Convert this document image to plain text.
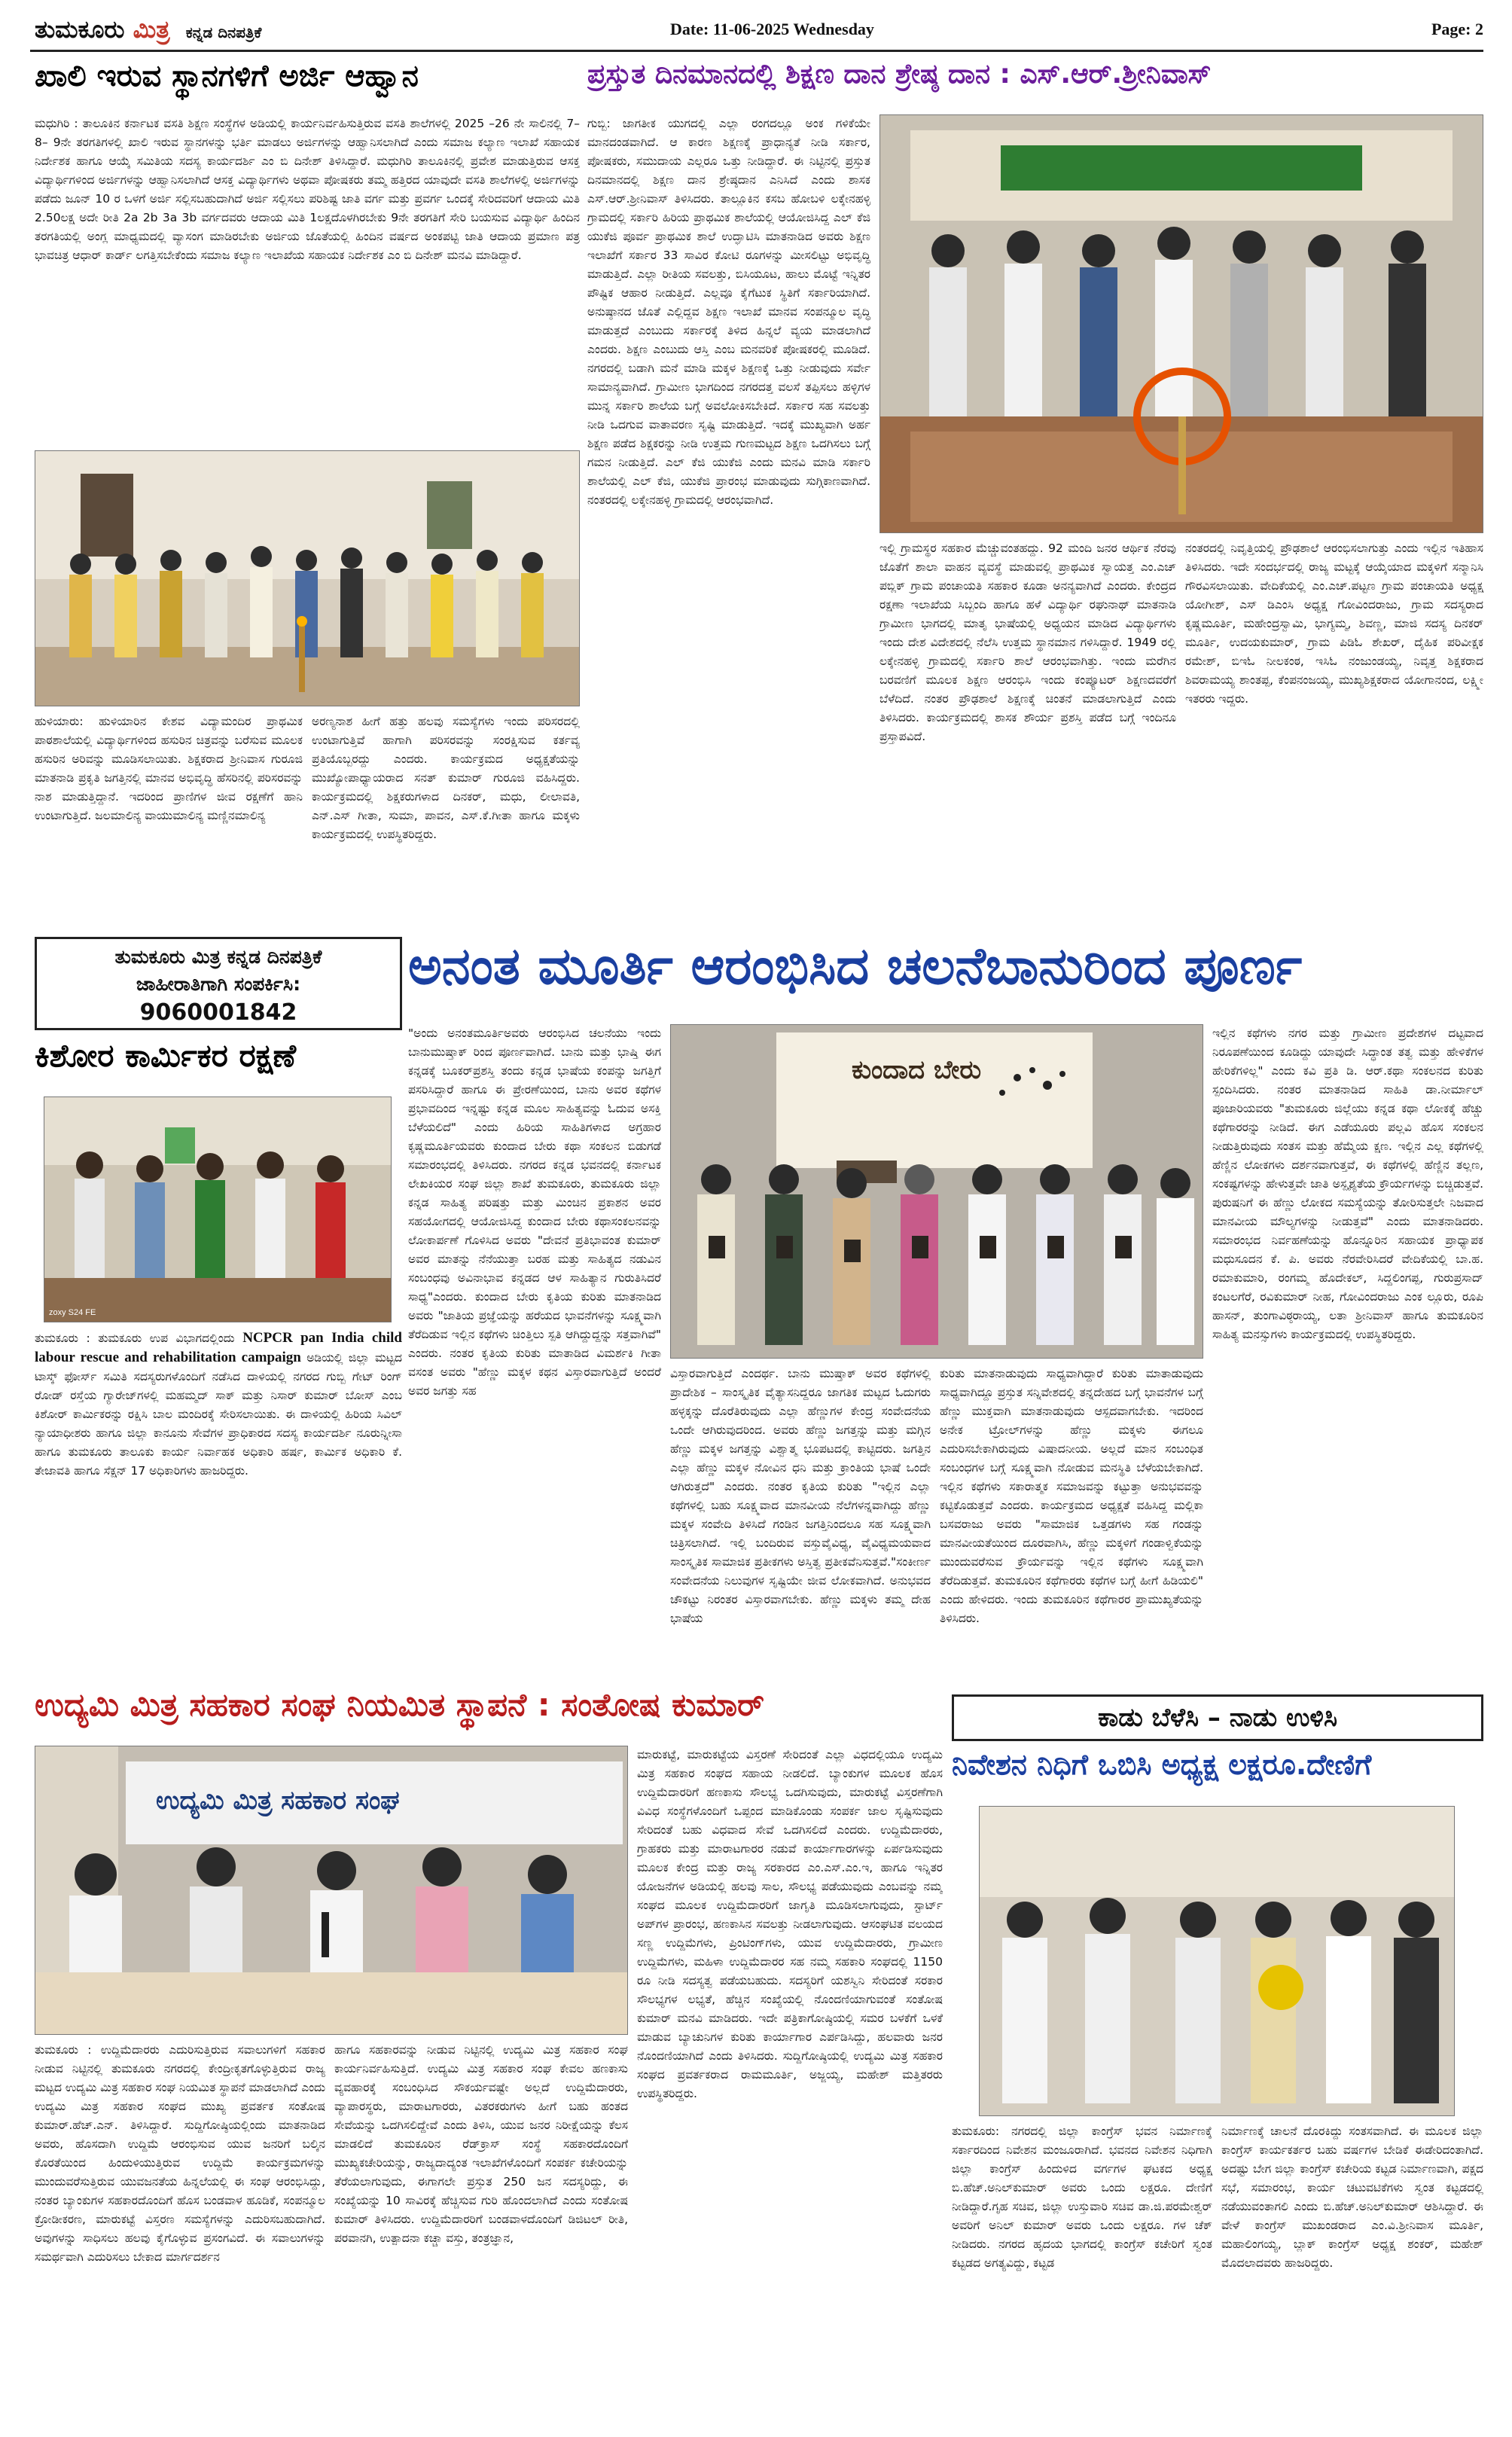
ತುಮಕೂರು ಮಿತ್ರ ಕನ್ನಡ ದಿನಪತ್ರಿಕೆ	Date: 11-06-2025 Wednesday	Page: 2
ಖಾಲಿ ಇರುವ ಸ್ಥಾನಗಳಿಗೆ ಅರ್ಜಿ ಆಹ್ವಾನ
ಮಧುಗಿರಿ : ತಾಲೂಕಿನ ಕರ್ನಾಟಕ ವಸತಿ ಶಿಕ್ಷಣ ಸಂಸ್ಥೆಗಳ ಅಡಿಯಲ್ಲಿ ಕಾರ್ಯನಿರ್ವಹಿಸುತ್ತಿರುವ ವಸತಿ ಶಾಲೆಗಳಲ್ಲಿ 2025 –26 ನೇ ಸಾಲಿನಲ್ಲಿ 7– 8– 9ನೇ ತರಗತಿಗಳಲ್ಲಿ ಖಾಲಿ ಇರುವ ಸ್ಥಾನಗಳನ್ನು ಭರ್ತಿ ಮಾಡಲು ಅರ್ಜಿಗಳನ್ನು ಆಹ್ವಾನಿಸಲಾಗಿದೆ ಎಂದು ಸಮಾಜ ಕಲ್ಯಾಣ ಇಲಾಖೆ ಸಹಾಯಕ ನಿರ್ದೇಶಕ ಹಾಗೂ ಆಯ್ಕೆ ಸಮಿತಿಯ ಸದಸ್ಯ ಕಾರ್ಯದರ್ಶಿ ಎಂ ಬಿ ದಿನೇಶ್ ತಿಳಿಸಿದ್ದಾರೆ. ಮಧುಗಿರಿ ತಾಲೂಕಿನಲ್ಲಿ ಪ್ರವೇಶ ಮಾಡುತ್ತಿರುವ ಆಸಕ್ತ ವಿದ್ಯಾರ್ಥಿಗಳಿಂದ ಅರ್ಜಿಗಳನ್ನು ಆಹ್ವಾನಿಸಲಾಗಿದೆ ಆಸಕ್ತ ವಿದ್ಯಾರ್ಥಿಗಳು ಅಥವಾ ಪೋಷಕರು ತಮ್ಮ ಹತ್ತಿರದ ಯಾವುದೇ ವಸತಿ ಶಾಲೆಗಳಲ್ಲಿ ಅರ್ಜಿಗಳನ್ನು ಪಡೆದು ಜೂನ್ 10 ರ ಒಳಗೆ ಅರ್ಜಿ ಸಲ್ಲಿಸಬಹುದಾಗಿದೆ ಅರ್ಜಿ ಸಲ್ಲಿಸಲು ಪರಿಶಿಷ್ಟ ಜಾತಿ ವರ್ಗ ಮತ್ತು ಪ್ರವರ್ಗ ಒಂದಕ್ಕೆ ಸೇರಿದವರಿಗೆ ಆದಾಯ ಮಿತಿ 2.50ಲಕ್ಷ ಅದೇ ರೀತಿ 2a 2b 3a 3b ವರ್ಗದವರು ಆದಾಯ ಮಿತಿ 1ಲಕ್ಷದೊಳಗಿರಬೇಕು 9ನೇ ತರಗತಿಗೆ ಸೇರಿ ಬಯಸುವ ವಿದ್ಯಾರ್ಥಿ ಹಿಂದಿನ ತರಗತಿಯಲ್ಲಿ ಅಂಗ್ಲ ಮಾಧ್ಯಮದಲ್ಲಿ ವ್ಯಾಸಂಗ ಮಾಡಿರಬೇಕು ಅರ್ಜಿಯ ಜೊತೆಯಲ್ಲಿ ಹಿಂದಿನ ವರ್ಷದ ಅಂಕಪಟ್ಟಿ ಜಾತಿ ಆದಾಯ ಪ್ರಮಾಣ ಪತ್ರ ಭಾವಚಿತ್ರ ಆಧಾರ್ ಕಾರ್ಡ್ ಲಗತ್ತಿಸಬೇಕೆಂದು ಸಮಾಜ ಕಲ್ಯಾಣ ಇಲಾಖೆಯ ಸಹಾಯಕ ನಿರ್ದೇಶಕ ಎಂ ಬಿ ದಿನೇಶ್ ಮನವಿ ಮಾಡಿದ್ದಾರೆ.
ಹುಳಿಯಾರು: ಹುಳಿಯಾರಿನ ಕೇಶವ ವಿದ್ಯಾಮಂದಿರ ಪ್ರಾಥಮಿಕ ಪಾಠಶಾಲೆಯಲ್ಲಿ ವಿದ್ಯಾರ್ಥಿಗಳಿಂದ ಹಸುರಿನ ಚಿತ್ರವನ್ನು ಬರೆಸುವ ಮೂಲಕ ಹಸುರಿನ ಅರಿವನ್ನು ಮೂಡಿಸಲಾಯಿತು. ಶಿಕ್ಷಕರಾದ ಶ್ರೀನಿವಾಸ ಗುರೂಜಿ ಮಾತನಾಡಿ ಪ್ರಕೃತಿ ಜಗತ್ತಿನಲ್ಲಿ ಮಾನವ ಅಭಿವೃದ್ಧಿ ಹೆಸರಿನಲ್ಲಿ ಪರಿಸರವನ್ನು ನಾಶ ಮಾಡುತ್ತಿದ್ದಾನೆ. ಇದರಿಂದ ಪ್ರಾಣಿಗಳ ಜೀವ ರಕ್ಷಣೆಗೆ ಹಾನಿ ಉಂಟಾಗುತ್ತಿದೆ. ಜಲಮಾಲಿನ್ಯ ವಾಯುಮಾಲಿನ್ಯ ಮಣ್ಣಿನಮಾಲಿನ್ಯ
ಅರಣ್ಯನಾಶ ಹೀಗೆ ಹತ್ತು ಹಲವು ಸಮಸ್ಯೆಗಳು ಇಂದು ಪರಿಸರದಲ್ಲಿ ಉಂಟಾಗುತ್ತಿವೆ ಹಾಗಾಗಿ ಪರಿಸರವನ್ನು ಸಂರಕ್ಷಿಸುವ ಕರ್ತವ್ಯ ಪ್ರತಿಯೊಬ್ಬರದ್ದು ಎಂದರು. ಕಾರ್ಯಕ್ರಮದ ಅಧ್ಯಕ್ಷತೆಯನ್ನು ಮುಖ್ಯೋಪಾಧ್ಯಾಯರಾದ ಸನತ್ ಕುಮಾರ್ ಗುರೂಜಿ ವಹಿಸಿದ್ದರು. ಕಾರ್ಯಕ್ರಮದಲ್ಲಿ ಶಿಕ್ಷಕರುಗಳಾದ ದಿನಕರ್, ಮಧು, ಲೀಲಾವತಿ, ಎನ್.ಎಸ್ ಗೀತಾ, ಸುಮಾ, ಪಾವನ, ಎಸ್.ಕೆ.ಗೀತಾ ಹಾಗೂ ಮಕ್ಕಳು ಕಾರ್ಯಕ್ರಮದಲ್ಲಿ ಉಪಸ್ಥಿತರಿದ್ದರು.
ಪ್ರಸ್ತುತ ದಿನಮಾನದಲ್ಲಿ ಶಿಕ್ಷಣ ದಾನ ಶ್ರೇಷ್ಠ ದಾನ : ಎಸ್.ಆರ್.ಶ್ರೀನಿವಾಸ್
ಗುಬ್ಬಿ: ಜಾಗತೀಕ ಯುಗದಲ್ಲಿ ಎಲ್ಲಾ ರಂಗದಲ್ಲೂ ಅಂಕ ಗಳಿಕೆಯೇ ಮಾನದಂಡವಾಗಿದೆ. ಆ ಕಾರಣ ಶಿಕ್ಷಣಕ್ಕೆ ಪ್ರಾಧಾನ್ಯತೆ ನೀಡಿ ಸರ್ಕಾರ, ಪೋಷಕರು, ಸಮುದಾಯ ಎಲ್ಲರೂ ಒತ್ತು ನೀಡಿದ್ದಾರೆ. ಈ ನಿಟ್ಟಿನಲ್ಲಿ ಪ್ರಸ್ತುತ ದಿನಮಾನದಲ್ಲಿ ಶಿಕ್ಷಣ ದಾನ ಶ್ರೇಷ್ಠದಾನ ಎನಿಸಿದೆ ಎಂದು ಶಾಸಕ ಎಸ್.ಆರ್.ಶ್ರೀನಿವಾಸ್ ತಿಳಿಸಿದರು. ತಾಲ್ಲೂಕಿನ ಕಸಬ ಹೋಬಳಿ ಲಕ್ಕೇನಹಳ್ಳಿ ಗ್ರಾಮದಲ್ಲಿ ಸರ್ಕಾರಿ ಹಿರಿಯ ಪ್ರಾಥಮಿಕ ಶಾಲೆಯಲ್ಲಿ ಆಯೋಜಿಸಿದ್ದ ಎಲ್ ಕೆಜಿ ಯುಕೆಜಿ ಪೂರ್ವ ಪ್ರಾಥಮಿಕ ಶಾಲೆ ಉದ್ಘಾಟಿಸಿ ಮಾತನಾಡಿದ ಅವರು ಶಿಕ್ಷಣ ಇಲಾಖೆಗೆ ಸರ್ಕಾರ 33 ಸಾವಿರ ಕೋಟಿ ರೂಗಳನ್ನು ಮೀಸಲಿಟ್ಟು ಅಭಿವೃದ್ಧಿ ಮಾಡುತ್ತಿದೆ. ಎಲ್ಲಾ ರೀತಿಯ ಸವಲತ್ತು, ಬಿಸಿಯೂಟ, ಹಾಲು ಮೊಟ್ಟೆ ಇನ್ನಿತರ ಪೌಷ್ಟಿಕ ಆಹಾರ ನೀಡುತ್ತಿದೆ. ಎಲ್ಲವೂ ಕೈಗೆಟುಕ ಸ್ಥಿತಿಗೆ ಸರ್ಕಾರಿಯಾಗಿದೆ. ಅನುಷ್ಠಾನದ ಜೊತೆ ಎಲ್ಲಿದ್ದವ ಶಿಕ್ಷಣ ಇಲಾಖೆ ಮಾನವ ಸಂಪನ್ಮೂಲ ವೃದ್ಧಿ ಮಾಡುತ್ತದೆ ಎಂಬುದು ಸರ್ಕಾರಕ್ಕೆ ತಿಳಿದ ಹಿನ್ನಲೆ ವ್ಯಯ ಮಾಡಲಾಗಿದೆ ಎಂದರು. ಶಿಕ್ಷಣ ಎಂಬುದು ಆಸ್ತಿ ಎಂಬ ಮನವರಿಕೆ ಪೋಷಕರಲ್ಲಿ ಮೂಡಿದೆ. ನಗರದಲ್ಲಿ ಬಡಾಗಿ ಮನೆ ಮಾಡಿ ಮಕ್ಕಳ ಶಿಕ್ಷಣಕ್ಕೆ ಒತ್ತು ನೀಡುವುದು ಸರ್ವೇ ಸಾಮಾನ್ಯವಾಗಿದೆ. ಗ್ರಾಮೀಣ ಭಾಗದಿಂದ ನಗರದತ್ತ ವಲಸೆ ತಪ್ಪಿಸಲು ಹಳ್ಳಿಗಳ ಮುನ್ನ ಸರ್ಕಾರಿ ಶಾಲೆಯ ಬಗ್ಗೆ ಅವಲೋಕಿಸಬೇಕಿದೆ. ಸರ್ಕಾರ ಸಹ ಸವಲತ್ತು ನೀಡಿ ಒದಗುವ ವಾತಾವರಣ ಸೃಷ್ಟಿ ಮಾಡುತ್ತಿದೆ. ಇದಕ್ಕೆ ಮುಖ್ಯವಾಗಿ ಅರ್ಹ ಶಿಕ್ಷಣ ಪಡೆದ ಶಿಕ್ಷಕರನ್ನು ನೀಡಿ ಉತ್ತಮ ಗುಣಮಟ್ಟದ ಶಿಕ್ಷಣ ಒದಗಿಸಲು ಬಗ್ಗೆ ಗಮನ ನೀಡುತ್ತಿದೆ. ಎಲ್ ಕೆಜಿ ಯುಕೆಜಿ ಎಂದು ಮನವಿ ಮಾಡಿ ಸರ್ಕಾರಿ ಶಾಲೆಯಲ್ಲಿ ಎಲ್ ಕೆಜಿ, ಯುಕೆಜಿ ಪ್ರಾರಂಭ ಮಾಡುವುದು ಸುಗ್ಗಿಕಾಣವಾಗಿದೆ. ನಂತರದಲ್ಲಿ ಲಕ್ಕೇನಹಳ್ಳಿ ಗ್ರಾಮದಲ್ಲಿ ಆರಂಭವಾಗಿದೆ.
ಇಲ್ಲಿ ಗ್ರಾಮಸ್ಥರ ಸಹಕಾರ ಮೆಚ್ಚುವಂತಹದ್ದು. 92 ಮಂದಿ ಜನರ ಆರ್ಥಿಕ ನೆರವು ಜೊತೆಗೆ ಶಾಲಾ ವಾಹನ ವ್ಯವಸ್ಥೆ ಮಾಡುವಲ್ಲಿ ಪ್ರಾಥಮಿಕ ಸ್ವಾಯತ್ತ ಎಂ.ಎಚ್ ಪಬ್ಲಿಕ್ ಗ್ರಾಮ ಪಂಚಾಯತಿ ಸಹಕಾರ ಕೂಡಾ ಅನನ್ಯವಾಗಿದೆ ಎಂದರು. ಕೇಂದ್ರದ ರಕ್ಷಣಾ ಇಲಾಖೆಯ ಸಿಬ್ಬಂದಿ ಹಾಗೂ ಹಳೆ ವಿದ್ಯಾರ್ಥಿ ರಘುನಾಥ್ ಮಾತನಾಡಿ ಗ್ರಾಮೀಣ ಭಾಗದಲ್ಲಿ ಮಾತೃ ಭಾಷೆಯಲ್ಲಿ ಅಧ್ಯಯನ ಮಾಡಿದ ವಿದ್ಯಾರ್ಥಿಗಳು ಇಂದು ದೇಶ ವಿದೇಶದಲ್ಲಿ ನೆಲೆಸಿ ಉತ್ತಮ ಸ್ಥಾನಮಾನ ಗಳಿಸಿದ್ದಾರೆ. 1949 ರಲ್ಲಿ ಲಕ್ಕೇನಹಳ್ಳಿ ಗ್ರಾಮದಲ್ಲಿ ಸರ್ಕಾರಿ ಶಾಲೆ ಆರಂಭವಾಗಿತ್ತು. ಇಂದು ಮರೆಗಿನ ಬರವಣಿಗೆ ಮೂಲಕ ಶಿಕ್ಷಣ ಆರಂಭಿಸಿ ಇಂದು ಕಂಪ್ಯೂಟರ್ ಶಿಕ್ಷಣದವರೆಗೆ ಬೆಳೆದಿದೆ. ನಂತರ ಪ್ರೌಢಶಾಲೆ ಶಿಕ್ಷಣಕ್ಕೆ ಚಿಂತನೆ ಮಾಡಲಾಗುತ್ತಿದೆ ಎಂದು ತಿಳಿಸಿದರು. ಕಾರ್ಯಕ್ರಮದಲ್ಲಿ ಶಾಸಕ ಶೌರ್ಯ ಪ್ರಶಸ್ತಿ ಪಡೆದ ಬಗ್ಗೆ ಇಂದಿನೂ ಪ್ರಸ್ತಾಪವಿದೆ.
ನಂತರದಲ್ಲಿ ನಿವೃತ್ತಿಯಲ್ಲಿ ಪ್ರೌಢಶಾಲೆ ಆರಂಭಿಸಲಾಗುತ್ತು ಎಂದು ಇಲ್ಲಿನ ಇತಿಹಾಸ ತಿಳಿಸಿದರು. ಇದೇ ಸಂದರ್ಭದಲ್ಲಿ ರಾಜ್ಯ ಮಟ್ಟಕ್ಕೆ ಆಯ್ಕೆಯಾದ ಮಕ್ಕಳಿಗೆ ಸನ್ಮಾನಿಸಿ ಗೌರವಿಸಲಾಯಿತು. ವೇದಿಕೆಯಲ್ಲಿ ಎಂ.ಎಚ್.ಪಟ್ಟಣ ಗ್ರಾಮ ಪಂಚಾಯತಿ ಅಧ್ಯಕ್ಷ ಯೋಗೀಶ್, ಎಸ್ ಡಿಎಂಸಿ ಅಧ್ಯಕ್ಷ ಗೋವಿಂದರಾಜು, ಗ್ರಾಮ ಸದಸ್ಯರಾದ ಕೃಷ್ಣಮೂರ್ತಿ, ಮಹೇಂದ್ರಸ್ವಾಮಿ, ಭಾಗ್ಯಮ್ಮ, ಶಿವಣ್ಣ, ಮಾಜಿ ಸದಸ್ಯ ದಿನಕರ್ ಮೂರ್ತಿ, ಉದಯಕುಮಾರ್, ಗ್ರಾಮ ಪಿಡಿಓ ಶೇಖರ್, ದೈಹಿಕ ಪರಿವೀಕ್ಷಕ ರಮೇಶ್, ಬಿಇಓ ನೀಲಕಂಠ, ಇಸಿಓ ನಂಜುಂಡಯ್ಯ, ನಿವೃತ್ತ ಶಿಕ್ಷಕರಾದ ಶಿವರಾಮಯ್ಯ ಶಾಂತಪ್ಪ, ಕೆಂಪನಂಜಯ್ಯ, ಮುಖ್ಯಶಿಕ್ಷಕರಾದ ಯೋಗಾನಂದ, ಲಕ್ಷ್ಮೀ ಇತರರು ಇದ್ದರು.
ತುಮಕೂರು ಮಿತ್ರ ಕನ್ನಡ ದಿನಪತ್ರಿಕೆ
ಜಾಹೀರಾತಿಗಾಗಿ ಸಂಪರ್ಕಿಸಿ:
9060001842
ಕಿಶೋರ ಕಾರ್ಮಿಕರ ರಕ್ಷಣೆ
zoxy S24 FE
ತುಮಕೂರು : ತುಮಕೂರು ಉಪ ವಿಭಾಗದಲ್ಲಿಂದು NCPCR pan India child labour rescue and rehabilitation campaign ಅಡಿಯಲ್ಲಿ ಜಿಲ್ಲಾ ಮಟ್ಟದ ಟಾಸ್ಕ್ ಫೋರ್ಸ್ ಸಮಿತಿ ಸದಸ್ಯರುಗಳೊಂದಿಗೆ ನಡೆಸಿದ ದಾಳಿಯಲ್ಲಿ ನಗರದ ಗುಬ್ಬಿ ಗೇಟ್ ರಿಂಗ್ ರೋಡ್ ರಸ್ತೆಯ ಗ್ಯಾರೇಜ್‌ಗಳಲ್ಲಿ ಮಹಮ್ಮದ್ ಸಾಕ್ ಮತ್ತು ನಿಸಾರ್ ಕುಮಾರ್ ಬೋಸ್ ಎಂಬ ಕಿಶೋರ್ ಕಾರ್ಮಿಕರನ್ನು ರಕ್ಷಿಸಿ ಬಾಲ ಮಂದಿರಕ್ಕೆ ಸೇರಿಸಲಾಯಿತು. ಈ ದಾಳಿಯಲ್ಲಿ ಹಿರಿಯ ಸಿವಿಲ್ ನ್ಯಾಯಾಧೀಶರು ಹಾಗೂ ಜಿಲ್ಲಾ ಕಾನೂನು ಸೇವೆಗಳ ಪ್ರಾಧಿಕಾರದ ಸದಸ್ಯ ಕಾರ್ಯದರ್ಶಿ ನೂರುನ್ನೀಸಾ ಹಾಗೂ ತುಮಕೂರು ತಾಲೂಕು ಕಾರ್ಯ ನಿರ್ವಾಹಕ ಅಧಿಕಾರಿ ಹರ್ಷ, ಕಾರ್ಮಿಕ ಅಧಿಕಾರಿ ಕೆ. ತೇಜಾವತಿ ಹಾಗೂ ಸೆಕ್ಷನ್ 17 ಅಧಿಕಾರಿಗಳು ಹಾಜರಿದ್ದರು.
ಅನಂತ ಮೂರ್ತಿ ಆರಂಭಿಸಿದ ಚಲನೆಬಾನುರಿಂದ ಪೂರ್ಣ
"ಅಂದು ಅನಂತಮೂರ್ತಿಅವರು ಆರಂಭಿಸಿದ ಚಲನೆಯು ಇಂದು ಬಾನುಮುಷ್ತಾಕ್ ರಿಂದ ಪೂರ್ಣವಾಗಿದೆ. ಬಾನು ಮತ್ತು ಭಾಷ್ತಿ ಈಗ ಕನ್ನಡಕ್ಕೆ ಬೂಕರ್‌ಪ್ರಶಸ್ತಿ ತಂದು ಕನ್ನಡ ಭಾಷೆಯ ಕಂಪನ್ನು ಜಗತ್ತಿಗೆ ಪಸರಿಸಿದ್ದಾರೆ ಹಾಗೂ ಈ ಪ್ರೇರಣೆಯಿಂದ, ಬಾನು ಅವರ ಕಥೆಗಳ ಪ್ರಭಾವದಿಂದ ಇನ್ನಷ್ಟು ಕನ್ನಡ ಮೂಲ ಸಾಹಿತ್ಯವನ್ನು ಓದುವ ಅಸಕ್ತಿ ಬೆಳೆಯಲಿದೆ" ಎಂದು ಹಿರಿಯ ಸಾಹಿತಿಗಳಾದ ಅಗ್ರಹಾರ ಕೃಷ್ಣಮೂರ್ತಿಯವರು ಕುಂದಾದ ಬೇರು ಕಥಾ ಸಂಕಲನ ಬಿಡುಗಡೆ ಸಮಾರಂಭದಲ್ಲಿ ತಿಳಿಸಿದರು. ನಗರದ ಕನ್ನಡ ಭವನದಲ್ಲಿ ಕರ್ನಾಟಕ ಲೇಖಕಿಯರ ಸಂಘ ಜಿಲ್ಲಾ ಶಾಖೆ ತುಮಕೂರು, ತುಮಕೂರು ಜಿಲ್ಲಾ ಕನ್ನಡ ಸಾಹಿತ್ಯ ಪರಿಷತ್ತು ಮತ್ತು ಮಿಂಚಿನ ಪ್ರಕಾಶನ ಅವರ ಸಹಯೋಗದಲ್ಲಿ ಆಯೋಜಿಸಿದ್ದ ಕುಂದಾದ ಬೇರು ಕಥಾಸಂಕಲನವನ್ನು ಲೋಕಾರ್ಪಣೆ ಗೊಳಿಸಿದ ಅವರು "ದೇವನೆ ಪ್ರತಿಭಾವಂತ ಕುಮಾರ್ ಅವರ ಮಾತನ್ನು ನೆನೆಯುತ್ತಾ ಬರಹ ಮತ್ತು ಸಾಹಿತ್ಯದ ನಡುವಿನ ಸಂಬಂಧವು ಅವಿನಾಭಾವ ಕನ್ನಡದ ಆಳ ಸಾಹಿತ್ಯಾನ ಗುರುತಿಸಿದರೆ ಸಾಧ್ಯ"ಎಂದರು. ಕುಂದಾದ ಬೇರು ಕೃತಿಯ ಕುರಿತು ಮಾತನಾಡಿದ ಅವರು "ಜಾತಿಯ ಪ್ರಜ್ಞೆಯನ್ನು ಹರೆಯದ ಭಾವನೆಗಳನ್ನು ಸೂಕ್ಷ್ಮವಾಗಿ ತೆರೆದಿಡುವ ಇಲ್ಲಿನ ಕಥೆಗಳು ಚಿಂತ್ತಿಲು ಸ್ಪತಿ ಆಗಿದ್ದುದ್ದನ್ನು ಸತ್ತವಾಗಿವೆ" ಎಂದರು. ನಂತರ ಕೃತಿಯ ಕುರಿತು ಮಾತಾಡಿದ ವಿಮರ್ಶಕಿ ಗೀತಾ ವಸಂತ ಅವರು "ಹೆಣ್ಣು ಮಕ್ಕಳ ಕಥನ ವಿಸ್ತಾರವಾಗುತ್ತಿದೆ ಅಂದರೆ ಅವರ ಜಗತ್ತು ಸಹ
ಕುಂದಾದ ಬೇರು
ವಿಸ್ತಾರವಾಗುತ್ತಿದೆ ಎಂದರ್ಥ. ಬಾನು ಮುಷ್ತಾಕ್ ಅವರ ಕಥೆಗಳಲ್ಲಿ ಪ್ರಾದೇಶಿಕ – ಸಾಂಸ್ಕೃತಿಕ ವೈತ್ಯಾಸನಿದ್ದರೂ ಜಾಗತಿಕ ಮಟ್ಟದ ಓದುಗರು ಹಳ್ಳಕ್ಕನ್ನು ದೊರೆತಿರುವುದು ಎಲ್ಲಾ ಹೆಣ್ಣುಗಳ ಕೇಂದ್ರ ಸಂವೇದನೆಯ ಒಂದೇ ಆಗಿರುವುದರಿಂದ. ಅವರು ಹೆಣ್ಣು ಜಗತ್ತನ್ನು ಮತ್ತು ಮಗ್ಗಿನ ಹೆಣ್ಣು ಮಕ್ಕಳ ಜಗತ್ತನ್ನು ವಿಶ್ವಾತ್ಮ ಭೂಪಟದಲ್ಲಿ ಕಾಟ್ಟಿದರು. ಜಗತ್ತಿನ ಎಲ್ಲಾ ಹೆಣ್ಣು ಮಕ್ಕಳ ನೋವಿನ ಧನಿ ಮತ್ತು ಕ್ರಾಂತಿಯ ಭಾಷೆ ಒಂದೇ ಆಗಿರುತ್ತದೆ" ಎಂದರು. ನಂತರ ಕೃತಿಯ ಕುರಿತು "ಇಲ್ಲಿನ ಎಲ್ಲಾ ಕಥೆಗಳಲ್ಲಿ ಬಹು ಸೂಕ್ಷ್ಮವಾದ ಮಾನವೀಯ ನೆಲೆಗಳನ್ನವಾಗಿದ್ದು ಹೆಣ್ಣು ಮಕ್ಕಳ ಸಂವೇದಿ ತಿಳಿಸಿದೆ ಗಂಡಿನ ಜಗತ್ತಿನಿಂದಲೂ ಸಹ ಸೂಕ್ಷ್ಮವಾಗಿ ಚಿತ್ರಿಸಲಾಗಿದೆ. ಇಲ್ಲಿ ಬಂದಿರುವ ವಸ್ತುವೈವಿಧ್ಯ, ವೈವಿಧ್ಯಮಯವಾದ ಸಾಂಸ್ಕೃತಿಕ ಸಾಮಾಜಿಕ ಪ್ರತೀಕಗಳು ಅಸ್ತಿತ್ವ ಪ್ರತೀಕವೆನಿಸುತ್ತವೆ."ಸಂಕೀರ್ಣ ಸಂವೇದನೆಯ ನಿಲುವುಗಳ ಸೃಷ್ಟಿಯೇ ಜೀವ ಲೋಕವಾಗಿದೆ. ಅನುಭವದ ಚೌಕಟ್ಟು ನಿರಂತರ ವಿಸ್ತಾರವಾಗಬೇಕು. ಹೆಣ್ಣು ಮಕ್ಕಳು ತಮ್ಮ ದೇಹ ಭಾಷೆಯ
ಕುರಿತು ಮಾತನಾಡುವುದು ಸಾಧ್ಯವಾಗಿದ್ದಾರೆ ಕುರಿತು ಮಾತಾಡುವುದು ಸಾಧ್ಯವಾಗಿದ್ದೂ ಪ್ರಸ್ತುತ ಸನ್ನಿವೇಶದಲ್ಲಿ ತನ್ನದೇಹದ ಬಗ್ಗೆ ಭಾವನೆಗಳ ಬಗ್ಗೆ ಹೆಣ್ಣು ಮುಕ್ತವಾಗಿ ಮಾತನಾಡುವುದು ಆಸ್ಪದವಾಗಬೇಕು. ಇದರಿಂದ ಅನೇಕ ಟ್ರೋಲ್‌ಗಳನ್ನು ಹೆಣ್ಣು ಮಕ್ಕಳು ಈಗಲೂ ಎದುರಿಸಬೇಕಾಗಿರುವುದು ವಿಷಾದನೀಯ. ಅಲ್ಲದೆ ಮಾನ ಸಂಬಂಧಿತ ಸಂಬಂಧಗಳ ಬಗ್ಗೆ ಸೂಕ್ಷ್ಮವಾಗಿ ನೋಡುವ ಮನಸ್ಥಿತಿ ಬೆಳೆಯಬೇಕಾಗಿದೆ. ಇಲ್ಲಿನ ಕಥೆಗಳು ಸಕಾರಾತ್ಮಕ ಸಮಾಜವನ್ನು ಕಟ್ಟುತ್ತಾ ಅನುಭವವನ್ನು ಕಟ್ಟಿಕೊಡುತ್ತವೆ ಎಂದರು. ಕಾರ್ಯಕ್ರಮದ ಅಧ್ಯಕ್ಷತೆ ವಹಿಸಿದ್ದ ಮಲ್ಲಿಕಾ ಬಸವರಾಜು ಅವರು "ಸಾಮಾಜಿಕ ಒತ್ತಡಗಳು ಸಹ ಗಂಡನ್ನು ಮಾನವೀಯತೆಯಿಂದ ದೂರವಾಗಿಸಿ, ಹೆಣ್ಣು ಮಕ್ಕಳಿಗೆ ಗಂಡಾಳ್ವಿಕೆಯನ್ನು ಮುಂದುವರೆಸುವ ಕ್ರೌರ್ಯವನ್ನು ಇಲ್ಲಿನ ಕಥೆಗಳು ಸೂಕ್ಷ್ಮವಾಗಿ ತೆರೆದಿಡುತ್ತವೆ. ತುಮಕೂರಿನ ಕಥೆಗಾರರು ಕಥೆಗಳ ಬಗ್ಗೆ ಹೀಗೆ ಹಿಡಿಯಲಿ" ಎಂದು ಹೇಳಿದರು. ಇಂದು ತುಮಕೂರಿನ ಕಥೆಗಾರರ ಪ್ರಾಮುಖ್ಯತೆಯನ್ನು ತಿಳಿಸಿದರು.
ಇಲ್ಲಿನ ಕಥೆಗಳು ನಗರ ಮತ್ತು ಗ್ರಾಮೀಣ ಪ್ರದೇಶಗಳ ದಟ್ಟವಾದ ನಿರೂಪಣೆಯಿಂದ ಕೂಡಿದ್ದು ಯಾವುದೇ ಸಿದ್ಧಾಂತ ತತ್ವ ಮತ್ತು ಹೇಳಿಕೆಗಳ ಹೇರಿಕೆಗಳಿಲ್ಲ" ಎಂದು ಕವಿ ಪ್ರತಿ ಡಿ. ಆರ್.ಕಥಾ ಸಂಕಲನದ ಕುರಿತು ಸ್ಪಂದಿಸಿದರು. ನಂತರ ಮಾತನಾಡಿದ ಸಾಹಿತಿ ಡಾ.ನೀರ್ಮಾಲ್ ಪೂಜಾರಿಯವರು "ತುಮಕೂರು ಜಿಲ್ಲೆಯು ಕನ್ನಡ ಕಥಾ ಲೋಕಕ್ಕೆ ಹೆಚ್ಚು ಕಥೆಗಾರರನ್ನು ನೀಡಿದೆ. ಈಗ ಎಡೆಯೂರು ಪಲ್ಲವಿ ಹೊಸ ಸಂಕಲನ ನೀಡುತ್ತಿರುವುದು ಸಂತಸ ಮತ್ತು ಹೆಮ್ಮೆಯ ಕ್ಷಣ. ಇಲ್ಲಿನ ಎಲ್ಲ ಕಥೆಗಳಲ್ಲಿ ಹೆಣ್ಣಿನ ಲೋಕಗಳು ದರ್ಶನವಾಗುತ್ತವೆ, ಈ ಕಥೆಗಳಲ್ಲಿ ಹೆಣ್ಣಿನ ತಲ್ಲಣ, ಸಂಕಷ್ಟಗಳನ್ನು ಹೇಳುತ್ತವೇ ಜಾತಿ ಅಸ್ಪೃಶ್ಯತೆಯ ಕ್ರೌರ್ಯಗಳನ್ನು ಬಿಚ್ಚಿಡುತ್ತವೆ. ಪುರುಷನಿಗೆ ಈ ಹೆಣ್ಣು ಲೋಕದ ಸಮಸ್ಯೆಯನ್ನು ತೋರಿಸುತ್ತಲೇ ನಿಜವಾದ ಮಾನವೀಯ ಮೌಲ್ಯಗಳನ್ನು ನೀಡುತ್ತವೆ" ಎಂದು ಮಾತನಾಡಿದರು. ಸಮಾರಂಭದ ನಿರ್ವಹಣೆಯನ್ನು ಹೊನ್ನೂರಿನ ಸಹಾಯಕ ಪ್ರಾಧ್ಯಾಪಕ ಮಧುಸೂದನ ಕೆ. ಪಿ. ಅವರು ನೆರವೇರಿಸಿದರೆ ವೇದಿಕೆಯಲ್ಲಿ ಬಾ.ಹ. ರಮಾಕುಮಾರಿ, ರಂಗಮ್ಮ ಹೊದೇಕಲ್, ಸಿದ್ದಲಿಂಗಪ್ಪ, ಗುರುಪ್ರಸಾದ್ ಕಂಟಲಗೆರೆ, ರವಿಕುಮಾರ್ ನೀಹ, ಗೋವಿಂದರಾಜು ಎಂಕ ಲ್ಲೂರು, ರೂಪಿ ಹಾಸನ್, ತುಂಗಾವಿಠ್ಠರಾಯ್ಯ, ಲತಾ ಶ್ರೀನಿವಾಸ್ ಹಾಗೂ ತುಮಕೂರಿನ ಸಾಹಿತ್ಯ ಮನಸ್ಸುಗಳು ಕಾರ್ಯಕ್ರಮದಲ್ಲಿ ಉಪಸ್ಥಿತರಿದ್ದರು.
ಉದ್ಯಮಿ ಮಿತ್ರ ಸಹಕಾರ ಸಂಘ ನಿಯಮಿತ ಸ್ಥಾಪನೆ : ಸಂತೋಷ ಕುಮಾರ್
ಉದ್ಯಮಿ ಮಿತ್ರ ಸಹಕಾರ ಸಂಘ
ತುಮಕೂರು : ಉದ್ದಿಮೆದಾರರು ಎದುರಿಸುತ್ತಿರುವ ಸವಾಲುಗಳಿಗೆ ಸಹಕಾರ ನೀಡುವ ನಿಟ್ಟಿನಲ್ಲಿ ತುಮಕೂರು ನಗರದಲ್ಲಿ ಕೇಂದ್ರೀಕೃತಗೊಳ್ಳುತ್ತಿರುವ ರಾಜ್ಯ ಮಟ್ಟದ ಉದ್ಯಮಿ ಮಿತ್ರ ಸಹಕಾರ ಸಂಘ ನಿಯಮಿತ ಸ್ಥಾಪನೆ ಮಾಡಲಾಗಿದೆ ಎಂದು ಉದ್ಯಮಿ ಮಿತ್ರ ಸಹಕಾರ ಸಂಘದ ಮುಖ್ಯ ಪ್ರವರ್ತಕ ಸಂತೋಷ ಕುಮಾರ್.ಹೆಚ್.ಎನ್. ತಿಳಿಸಿದ್ದಾರೆ. ಸುದ್ದಿಗೋಷ್ಠಿಯಲ್ಲಿಂದು ಮಾತನಾಡಿದ ಅವರು, ಹೊಸದಾಗಿ ಉದ್ದಿಮೆ ಆರಂಭಿಸುವ ಯುವ ಜನರಿಗೆ ಬಲ್ಕಿನ ಕೊರತೆಯಿಂದ ಹಿಂದುಳಿಯುತ್ತಿರುವ ಉದ್ದಿಮೆ ಕಾರ್ಯಕ್ರಮಗಳನ್ನು ಮುಂದುವರೆಸುತ್ತಿರುವ ಯುವಜನತೆಯ ಹಿನ್ನಲೆಯಲ್ಲಿ ಈ ಸಂಘ ಆರಂಭಿಸಿದ್ದು, ನಂತರ ಬ್ಯಾಂಕುಗಳ ಸಹಕಾರದೊಂದಿಗೆ ಹೊಸ ಬಂಡವಾಳ ಹೂಡಿಕೆ, ಸಂಪನ್ಮೂಲ ಕ್ರೋಡೀಕರಣ, ಮಾರುಕಟ್ಟೆ ವಿಸ್ತರಣ ಸಮಸ್ಯೆಗಳನ್ನು ಎದುರಿಸಬಹುದಾಗಿದೆ. ಅವುಗಳನ್ನು ಸಾಧಿಸಲು ಹಲವು ಕೈಗೊಳ್ಳುವ ಪ್ರಸಂಗವಿದೆ. ಈ ಸವಾಲುಗಳನ್ನು ಸಮರ್ಥವಾಗಿ ಎದುರಿಸಲು ಬೇಕಾದ ಮಾರ್ಗದರ್ಶನ
ಹಾಗೂ ಸಹಕಾರವನ್ನು ನೀಡುವ ನಿಟ್ಟಿನಲ್ಲಿ ಉದ್ಯಮಿ ಮಿತ್ರ ಸಹಕಾರ ಸಂಘ ಕಾರ್ಯನಿರ್ವಹಿಸುತ್ತಿದೆ. ಉದ್ಯಮಿ ಮಿತ್ರ ಸಹಕಾರ ಸಂಘ ಕೇವಲ ಹಣಕಾಸು ವ್ಯವಹಾರಕ್ಕೆ ಸಂಬಂಧಿಸಿದ ಸೌಕರ್ಯವಷ್ಟೇ ಅಲ್ಲದೆ ಉದ್ದಿಮೆದಾರರು, ವ್ಯಾಪಾರಸ್ಥರು, ಮಾರಾಟಗಾರರು, ವಿತರಕರುಗಳು ಹೀಗೆ ಬಹು ಹಂತದ ಸೇವೆಯನ್ನು ಒದಗಿಸಲಿದ್ದೇವೆ ಎಂದು ತಿಳಿಸಿ, ಯುವ ಜನರ ನಿರೀಕ್ಷೆಯನ್ನು ಕೆಲಸ ಮಾಡಲಿದೆ ತುಮಕೂರಿನ ರೆಡ್‌ಕ್ರಾಸ್ ಸಂಸ್ಥೆ ಸಹಕಾರದೊಂದಿಗೆ ಮುಖ್ಯಕಚೇರಿಯನ್ನು, ರಾಜ್ಯದಾದ್ಯಂತ ಇಲಾಖೆಗಳೊಂದಿಗೆ ಸಂಪರ್ಕ ಕಚೇರಿಯನ್ನು ತೆರೆಯಲಾಗುವುದು, ಈಗಾಗಲೇ ಪ್ರಸ್ತುತ 250 ಜನ ಸದಸ್ಯರಿದ್ದು, ಈ ಸಂಖ್ಯೆಯನ್ನು 10 ಸಾವಿರಕ್ಕೆ ಹೆಚ್ಚಿಸುವ ಗುರಿ ಹೊಂದಲಾಗಿದೆ ಎಂದು ಸಂತೋಷ ಕುಮಾರ್ ತಿಳಿಸಿದರು. ಉದ್ದಿಮೆದಾರರಿಗೆ ಬಂಡವಾಳದೊಂದಿಗೆ ಡಿಜಿಟಲ್ ರೀತಿ, ಪರವಾನಗಿ, ಉತ್ಪಾದನಾ ಕಚ್ಚಾ ವಸ್ತು, ತಂತ್ರಜ್ಞಾನ,
ಮಾರುಕಟ್ಟೆ, ಮಾರುಕಟ್ಟೆಯ ವಿಸ್ತರಣೆ ಸೇರಿದಂತೆ ಎಲ್ಲಾ ವಿಧದಲ್ಲಿಯೂ ಉದ್ಯಮಿ ಮಿತ್ರ ಸಹಕಾರ ಸಂಘದ ಸಹಾಯ ನೀಡಲಿದೆ. ಬ್ಯಾಂಕುಗಳ ಮೂಲಕ ಹೊಸ ಉದ್ದಿಮೆದಾರರಿಗೆ ಹಣಕಾಸು ಸೌಲಭ್ಯ ಒದಗಿಸುವುದು, ಮಾರುಕಟ್ಟೆ ವಿಸ್ತರಣೆಗಾಗಿ ವಿವಿಧ ಸಂಸ್ಥೆಗಳೊಂದಿಗೆ ಒಪ್ಪಂದ ಮಾಡಿಕೊಂಡು ಸಂಪರ್ಕ ಜಾಲ ಸೃಷ್ಟಿಸುವುದು ಸೇರಿದಂತೆ ಬಹು ವಿಧವಾದ ಸೇವೆ ಒದಗಿಸಲಿದೆ ಎಂದರು. ಉದ್ದಿಮೆದಾರರು, ಗ್ರಾಹಕರು ಮತ್ತು ಮಾರಾಟಗಾರರ ನಡುವೆ ಕಾರ್ಯಾಗಾರಗಳನ್ನು ಏರ್ಪಡಿಸುವುದು ಮೂಲಕ ಕೇಂದ್ರ ಮತ್ತು ರಾಜ್ಯ ಸರಕಾರದ ಎಂ.ಎಸ್.ಎಂ.ಇ, ಹಾಗೂ ಇನ್ನಿತರ ಯೋಜನೆಗಳ ಅಡಿಯಲ್ಲಿ ಹಲವು ಸಾಲ, ಸೌಲಭ್ಯ ಪಡೆಯುವುದು ಎಂಬವನ್ನು ನಮ್ಮ ಸಂಘದ ಮೂಲಕ ಉದ್ದಿಮೆದಾರರಿಗೆ ಜಾಗೃತಿ ಮೂಡಿಸಲಾಗುವುದು, ಸ್ಟಾರ್ಟ್ ಅಪ್‌ಗಳ ಪ್ರಾರಂಭ, ಹಣಕಾಸಿನ ಸವಲತ್ತು ನೀಡಲಾಗುವುದು. ಆಸಂಘಟಿತ ವಲಯದ ಸಣ್ಣ ಉದ್ದಿಮೆಗಳು, ಪ್ರಿಂಟಿಂಗ್‌ಗಳು, ಯುವ ಉದ್ದಿಮೆದಾರರು, ಗ್ರಾಮೀಣ ಉದ್ದಿಮೆಗಳು, ಮಹಿಳಾ ಉದ್ದಿಮೆದಾರರ ಸಹ ನಮ್ಮ ಸಹಕಾರಿ ಸಂಘದಲ್ಲಿ 1150 ರೂ ನೀಡಿ ಸದಸ್ಯತ್ವ ಪಡೆಯಬಹುದು. ಸದಸ್ಯರಿಗೆ ಯಶಸ್ವಿನಿ ಸೇರಿದಂತೆ ಸರಕಾರ ಸೌಲಭ್ಯಗಳ ಲಭ್ಯತೆ, ಹೆಚ್ಚಿನ ಸಂಖ್ಯೆಯಲ್ಲಿ ನೊಂದಣಿಯಾಗುವಂತೆ ಸಂತೋಷ ಕುಮಾರ್ ಮನವಿ ಮಾಡಿದರು. ಇದೇ ಪತ್ರಿಕಾಗೋಷ್ಠಿಯಲ್ಲಿ ಸಮರ ಬಳಕೆಗೆ ಒಳಕೆ ಮಾಡುವ ಬ್ಯಾಚುನಿಗಳ ಕುರಿತು ಕಾರ್ಯಾಗಾರ ಎರ್ಪಡಿಸಿದ್ದು, ಹಲವಾರು ಜನರ ನೊಂದಣಿಯಾಗಿದೆ ಎಂದು ತಿಳಿಸಿದರು. ಸುದ್ದಿಗೋಷ್ಠಿಯಲ್ಲಿ ಉದ್ಯಮಿ ಮಿತ್ರ ಸಹಕಾರ ಸಂಘದ ಪ್ರವರ್ತಕರಾದ ರಾಮಮೂರ್ತಿ, ಅಜ್ಜಯ್ಯ, ಮಹೇಶ್ ಮತ್ತಿತರರು ಉಪಸ್ಥಿತರಿದ್ದರು.
ಕಾಡು ಬೆಳೆಸಿ – ನಾಡು ಉಳಿಸಿ
ನಿವೇಶನ ನಿಧಿಗೆ ಒಬಿಸಿ ಅಧ್ಯಕ್ಷ ಲಕ್ಷರೂ.ದೇಣಿಗೆ
ತುಮಕೂರು: ನಗರದಲ್ಲಿ ಜಿಲ್ಲಾ ಕಾಂಗ್ರೆಸ್ ಭವನ ನಿರ್ಮಾಣಕ್ಕೆ ಸರ್ಕಾರದಿಂದ ನಿವೇಶನ ಮಂಜೂರಾಗಿದೆ. ಭವನದ ನಿವೇಶನ ನಿಧಿಗಾಗಿ ಜಿಲ್ಲಾ ಕಾಂಗ್ರೆಸ್ ಹಿಂದುಳಿದ ವರ್ಗಗಳ ಘಟಕದ ಅಧ್ಯಕ್ಷ ಬಿ.ಹೆಚ್.ಅನಿಲ್‌ಕುಮಾರ್ ಅವರು ಒಂದು ಲಕ್ಷರೂ. ದೇಣಿಗೆ ನೀಡಿದ್ದಾರೆ.ಗೃಹ ಸಚಿವ, ಜಿಲ್ಲಾ ಉಸ್ತುವಾರಿ ಸಚಿವ ಡಾ.ಜಿ.ಪರಮೇಶ್ವರ್ ಅವರಿಗೆ ಅನಿಲ್ ಕುಮಾರ್ ಅವರು ಒಂದು ಲಕ್ಷರೂ. ಗಳ ಚೆಕ್ ನೀಡಿದರು. ನಗರದ ಹೃದಯ ಭಾಗದಲ್ಲಿ ಕಾಂಗ್ರೆಸ್ ಕಚೇರಿಗೆ ಸ್ವಂತ ಕಟ್ಟಡದ ಅಗತ್ಯವಿದ್ದು, ಕಟ್ಟಡ
ನಿರ್ಮಾಣಕ್ಕೆ ಚಾಲನೆ ದೊರಕಿದ್ದು ಸಂತಸವಾಗಿದೆ. ಈ ಮೂಲಕ ಜಿಲ್ಲಾ ಕಾಂಗ್ರೆಸ್ ಕಾರ್ಯಕರ್ತರ ಬಹು ವರ್ಷಗಳ ಬೇಡಿಕೆ ಈಡೇರಿದಂತಾಗಿದೆ. ಅದಷ್ಟು ಬೇಗ ಜಿಲ್ಲಾ ಕಾಂಗ್ರೆಸ್ ಕಚೇರಿಯ ಕಟ್ಟಡ ನಿರ್ಮಾಣವಾಗಿ, ಪಕ್ಷದ ಸಭೆ, ಸಮಾರಂಭ, ಕಾರ್ಯ ಚಟುವಟಿಕೆಗಳು ಸ್ವಂತ ಕಟ್ಟಡದಲ್ಲಿ ನಡೆಯುವಂತಾಗಲಿ ಎಂದು ಬಿ.ಹೆಚ್.ಅನಿಲ್‌ಕುಮಾರ್ ಆಶಿಸಿದ್ದಾರೆ. ಈ ವೇಳೆ ಕಾಂಗ್ರೆಸ್ ಮುಖಂಡರಾದ ಎಂ.ವಿ.ಶ್ರೀನಿವಾಸ ಮೂರ್ತಿ, ಮಹಾಲಿಂಗಯ್ಯ, ಬ್ಲಾಕ್ ಕಾಂಗ್ರೆಸ್ ಅಧ್ಯಕ್ಷ ಶಂಕರ್, ಮಹೇಶ್ ಮೊದಲಾದವರು ಹಾಜರಿದ್ದರು.
